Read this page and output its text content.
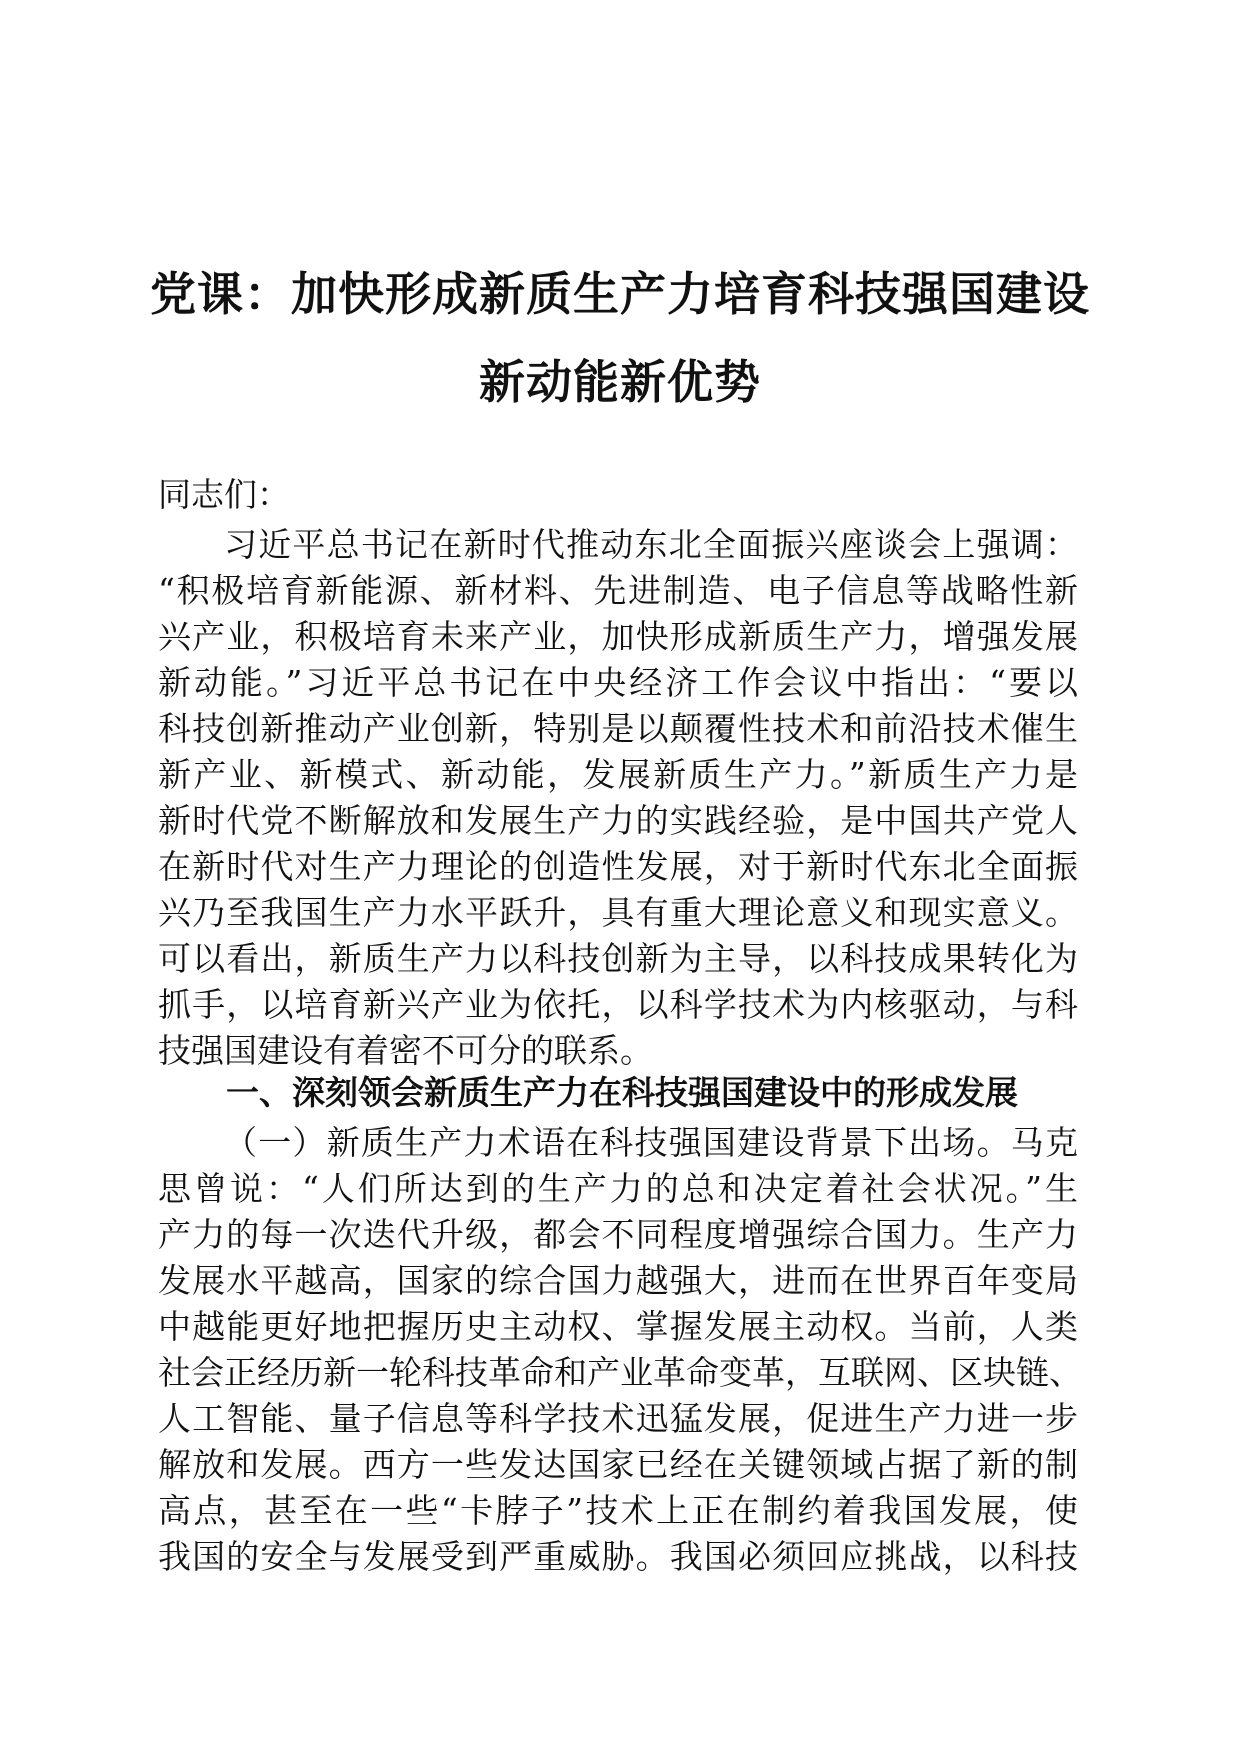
党课：加快形成新质生产力培育科技强国建设
新动能新优势
同志们：
习近平总书记在新时代推动东北全面振兴座谈会上强调：
“积极培育新能源、新材料、先进制造、电子信息等战略性新
兴产业，积极培育未来产业，加快形成新质生产力，增强发展
新动能。”习近平总书记在中央经济工作会议中指出：“要以
科技创新推动产业创新，特别是以颠覆性技术和前沿技术催生
新产业、新模式、新动能，发展新质生产力。”新质生产力是
新时代党不断解放和发展生产力的实践经验，是中国共产党人
在新时代对生产力理论的创造性发展，对于新时代东北全面振
兴乃至我国生产力水平跃升，具有重大理论意义和现实意义。
可以看出，新质生产力以科技创新为主导，以科技成果转化为
抓手，以培育新兴产业为依托，以科学技术为内核驱动，与科
技强国建设有着密不可分的联系。
一、深刻领会新质生产力在科技强国建设中的形成发展
（一）新质生产力术语在科技强国建设背景下出场。马克
思曾说：“人们所达到的生产力的总和决定着社会状况。”生
产力的每一次迭代升级，都会不同程度增强综合国力。生产力
发展水平越高，国家的综合国力越强大，进而在世界百年变局
中越能更好地把握历史主动权、掌握发展主动权。当前，人类
社会正经历新一轮科技革命和产业革命变革，互联网、区块链、
人工智能、量子信息等科学技术迅猛发展，促进生产力进一步
解放和发展。西方一些发达国家已经在关键领域占据了新的制
高点，甚至在一些“卡脖子”技术上正在制约着我国发展，使
我国的安全与发展受到严重威胁。我国必须回应挑战，以科技
